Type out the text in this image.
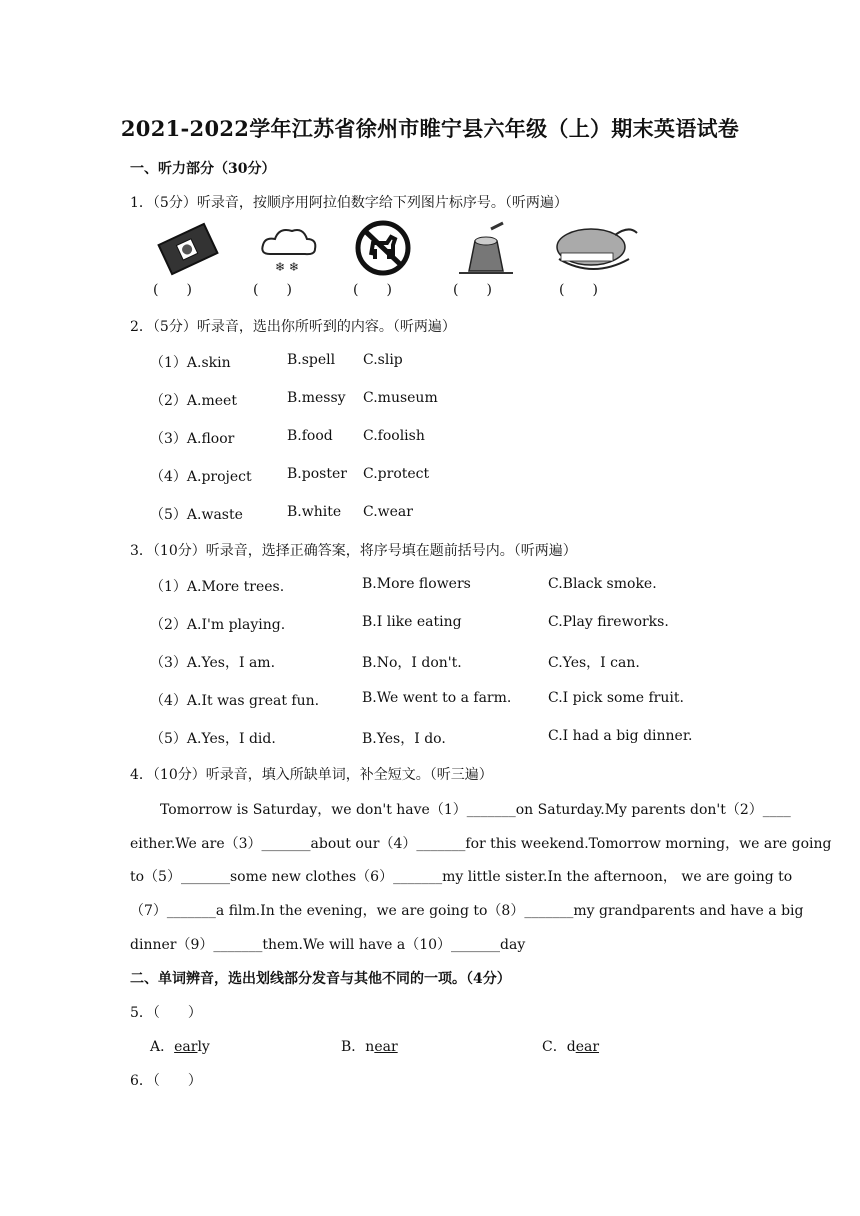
2021-2022学年江苏省徐州市睢宁县六年级（上）期末英语试卷
一、听力部分（30分）
1．（5分）听录音，按顺序用阿拉伯数字给下列图片标序号。（听两遍）
(　　)
❄ ❄
(　　)	(　　)	(　　)	(　　)
2．（5分）听录音，选出你所听到的内容。（听两遍）
（1）A.skin	B.spell C.slip
（2）A.meet	B.messy C.museum
（3）A.floor	B.food C.foolish
（4）A.project	B.poster C.protect
（5）A.waste	B.white C.wear
3．（10分）听录音，选择正确答案，将序号填在题前括号内。（听两遍）
（1）A.More trees.	B.More flowers	C.Black smoke.
（2）A.I'm playing.	B.I like eating	C.Play fireworks.
（3）A.Yes，I am.	B.No，I don't.	C.Yes，I can.
（4）A.It was great fun.	B.We went to a farm.	C.I pick some fruit.
（5）A.Yes，I did.	B.Yes，I do.	C.I had a big dinner.
4．（10分）听录音，填入所缺单词，补全短文。（听三遍）
Tomorrow is Saturday，we don't have（1）_______on Saturday.My parents don't（2）____
either.We are（3）_______about our（4）_______for this weekend.Tomorrow morning，we are going
to（5）_______some new clothes（6）_______my little sister.In the afternoon， we are going to
（7）_______a film.In the evening，we are going to（8）_______my grandparents and have a big
dinner（9）_______them.We will have a（10）_______day
二、单词辨音，选出划线部分发音与其他不同的一项。（4分）
5．（　　）
A．early	B．near	C．dear
6．（　　）
